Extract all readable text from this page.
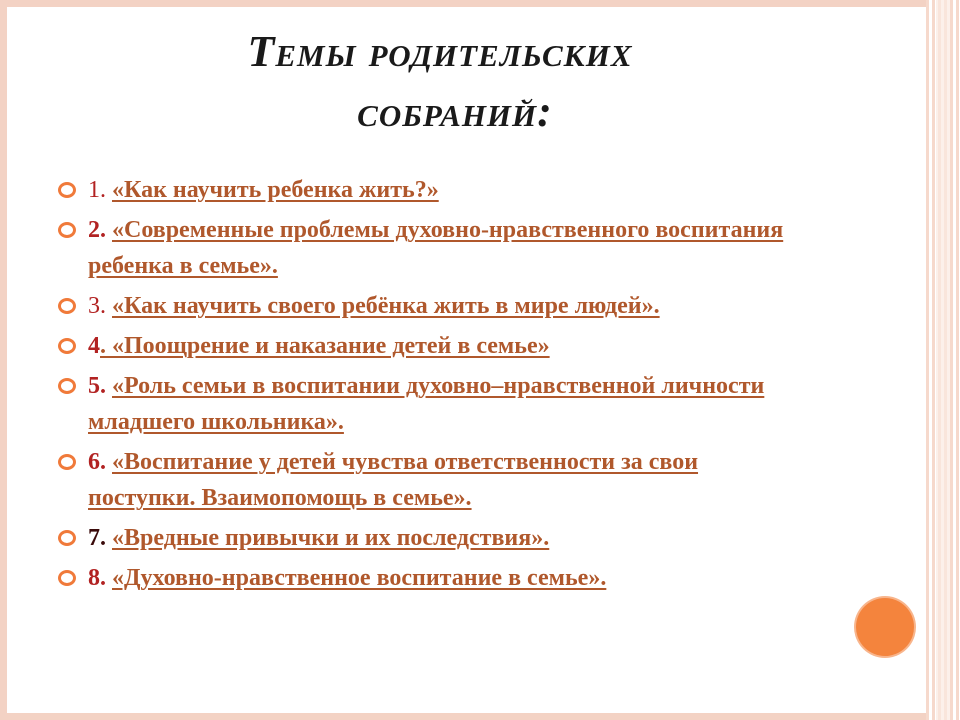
Темы родительских
собраний:
1. «Как научить ребенка жить?»
2. «Современные проблемы духовно-нравственного воспитания ребенка в семье».
3. «Как научить своего ребёнка жить в мире людей».
4. «Поощрение и наказание детей в семье»
5. «Роль семьи в воспитании духовно–нравственной личности младшего школьника».
6. «Воспитание у детей чувства ответственности за свои поступки. Взаимопомощь в семье».
7. «Вредные привычки и их последствия».
8. «Духовно-нравственное воспитание в семье».
